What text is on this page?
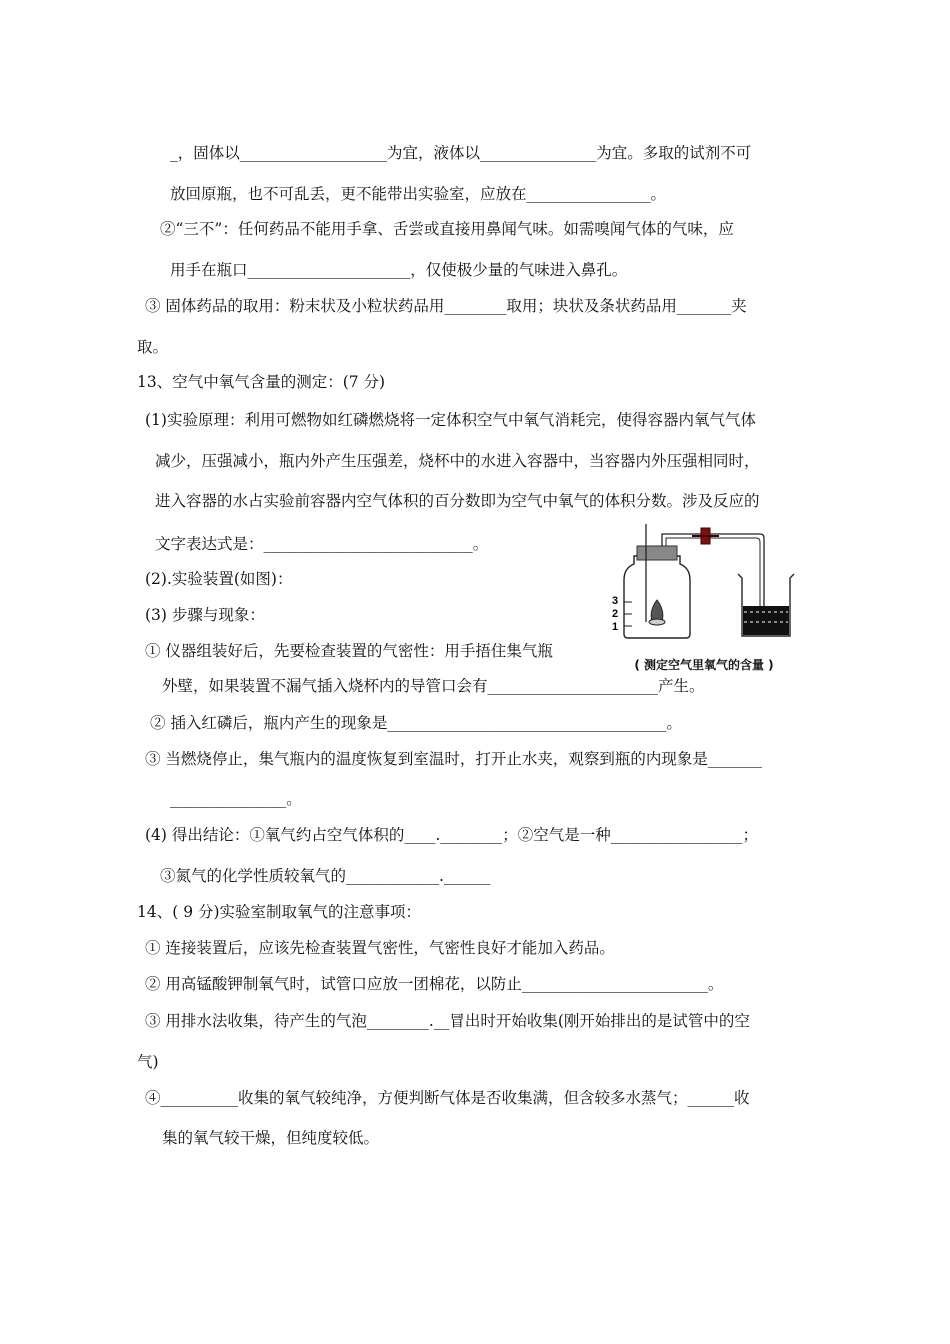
_，固体以___________________为宜，液体以_______________为宜。多取的试剂不可
放回原瓶，也不可乱丢，更不能带出实验室，应放在________________。
②“三不”：任何药品不能用手拿、舌尝或直接用鼻闻气味。如需嗅闻气体的气味，应
用手在瓶口_____________________，仅使极少量的气味进入鼻孔。
③ 固体药品的取用：粉末状及小粒状药品用________取用；块状及条状药品用_______夹
取。
13、空气中氧气含量的测定：(7 分)
(1)实验原理：利用可燃物如红磷燃烧将一定体积空气中氧气消耗完，使得容器内氧气气体
减少，压强减小，瓶内外产生压强差，烧杯中的水进入容器中，当容器内外压强相同时，
进入容器的水占实验前容器内空气体积的百分数即为空气中氧气的体积分数。涉及反应的
文字表达式是：___________________________。
(2).实验装置(如图)：
(3) 步骤与现象：
① 仪器组装好后，先要检查装置的气密性：用手捂住集气瓶
外壁，如果装置不漏气插入烧杯内的导管口会有______________________产生。
② 插入红磷后，瓶内产生的现象是____________________________________。
③ 当燃烧停止，集气瓶内的温度恢复到室温时，打开止水夹，观察到瓶的内现象是_______
_______________。
(4) 得出结论：①氧气约占空气体积的____.________；②空气是一种_________________；
③氮气的化学性质较氧气的____________.______
14、( 9 分)实验室制取氧气的注意事项：
① 连接装置后，应该先检查装置气密性，气密性良好才能加入药品。
② 用高锰酸钾制氧气时，试管口应放一团棉花，以防止________________________。
③ 用排水法收集，待产生的气泡________.__冒出时开始收集(刚开始排出的是试管中的空
气)
④__________收集的氧气较纯净，方便判断气体是否收集满，但含较多水蒸气；______收
集的氧气较干燥，但纯度较低。
3
2
1
( 测定空气里氧气的含量 )
